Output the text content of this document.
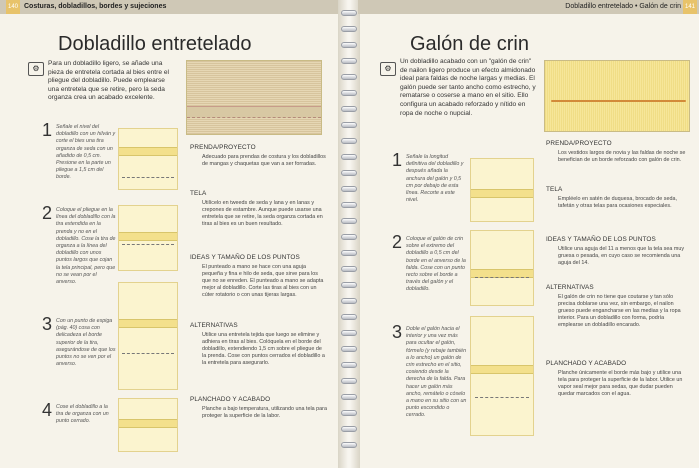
Costuras, dobladillos, bordes y sujeciones
140
Dobladillo entretelado
⚙
Para un dobladillo ligero, se añade una pieza de entretela cortada al bies entre el pliegue del dobladillo. Puede emplearse una entretela que se retire, pero la seda organza crea un acabado excelente.
1 Señale el nivel del dobladillo con un hilván y corte el bies una tira organza de seda con un añadido de 0,5 cm. Presione en la parte un pliegue a 1,5 cm del borde.
2 Coloque el pliegue en la línea del dobladillo con la tira extendida en la prenda y no en el dobladillo. Cose la tira de organza a la línea del dobladillo con unos puntos largos que cojan la tela principal, pero que no se vean por el anverso.
3 Con un punto de espiga (pág. 40) cosa con delicadeza el borde superior de la tira, asegurándose de que los puntos no se ven por el anverso.
4 Cose el dobladillo a la tira de organza con un punto cerrado.
PRENDA/PROYECTO
Adecuado para prendas de costura y los dobladillos de mangas y chaquetas que van a ser forradas.
TELA
Utilícelo en tweeds de seda y lana y en lanas y crepones de estambre. Aunque puede usarse una entretela que se retire, la seda organza cortada en tiras al bies es un buen resultado.
IDEAS Y TAMAÑO DE LOS PUNTOS
El punteado a mano se hace con una aguja pequeña y fina e hilo de seda, que sirve para los que no se enreden. El punteado a mano se adapta mejor al dobladillo. Corte las tiras al bies con un cúter rotatorio o con unas tijeras largas.
ALTERNATIVAS
Utilice una entretela tejida que luego se elimine y adhiera en tiras al bies. Colóquela en el borde del dobladillo, extendiendo 1,5 cm sobre el pliegue de la prenda. Cose con puntos cerrados el dobladillo a la entretela para asegurarlo.
PLANCHADO Y ACABADO
Planche a bajo temperatura, utilizando una tela para proteger la superficie de la labor.
Dobladillo entretelado • Galón de crin 141
Galón de crin
⚙
Un dobladillo acabado con un "galón de crin" de nailon ligero produce un efecto almidonado ideal para faldas de noche largas y medias. El galón puede ser tanto ancho como estrecho, y rematarse o coserse a mano en el sitio. Ello configura un acabado reforzado y nítido en ropa de noche o nupcial.
1 Señale la longitud definitiva del dobladillo y después añada la anchura del galón y 0,5 cm por debajo de esta línea. Recorte a este nivel.
2 Coloque el galón de crin sobre el extremo del dobladillo a 0,5 cm del borde en el anverso de la falda. Cose con un punto recto sobre el borde a través del galón y el dobladillo.
3 Doble el galón hacia el interior y una vez más para ocultar el galón, fórmelo (y rebaje también a lo ancho) un galón de crin estrecho en el sitio, cosiendo desde la derecha de la falda. Para hacer un galón más ancho, remátelo o cóselo a mano en su sitio con un punto escondido o cerrado.
PRENDA/PROYECTO
Los vestidos largos de novia y las faldas de noche se benefician de un borde reforzado con galón de crin.
TELA
Empléelo en satén de duquesa, brocado de seda, tafetán y otras telas para ocasiones especiales.
IDEAS Y TAMAÑO DE LOS PUNTOS
Utilice una aguja del 11 a menos que la tela sea muy gruesa o pesada, en cuyo caso se recomienda una aguja del 14.
ALTERNATIVAS
El galón de crin no tiene que coutarse y tan sólo precisa doblarse una vez, sin embargo, el nailon grueso puede engancharse en las medias y la ropa interior. Para un dobladillo con forma, podría emplearse un dobladillo encarado.
PLANCHADO Y ACABADO
Planche únicamente el borde más bajo y utilice una tela para proteger la superficie de la labor. Utilice un vapor seal mejor para sedas, que dudar pueden quedar marcados con el agua.
